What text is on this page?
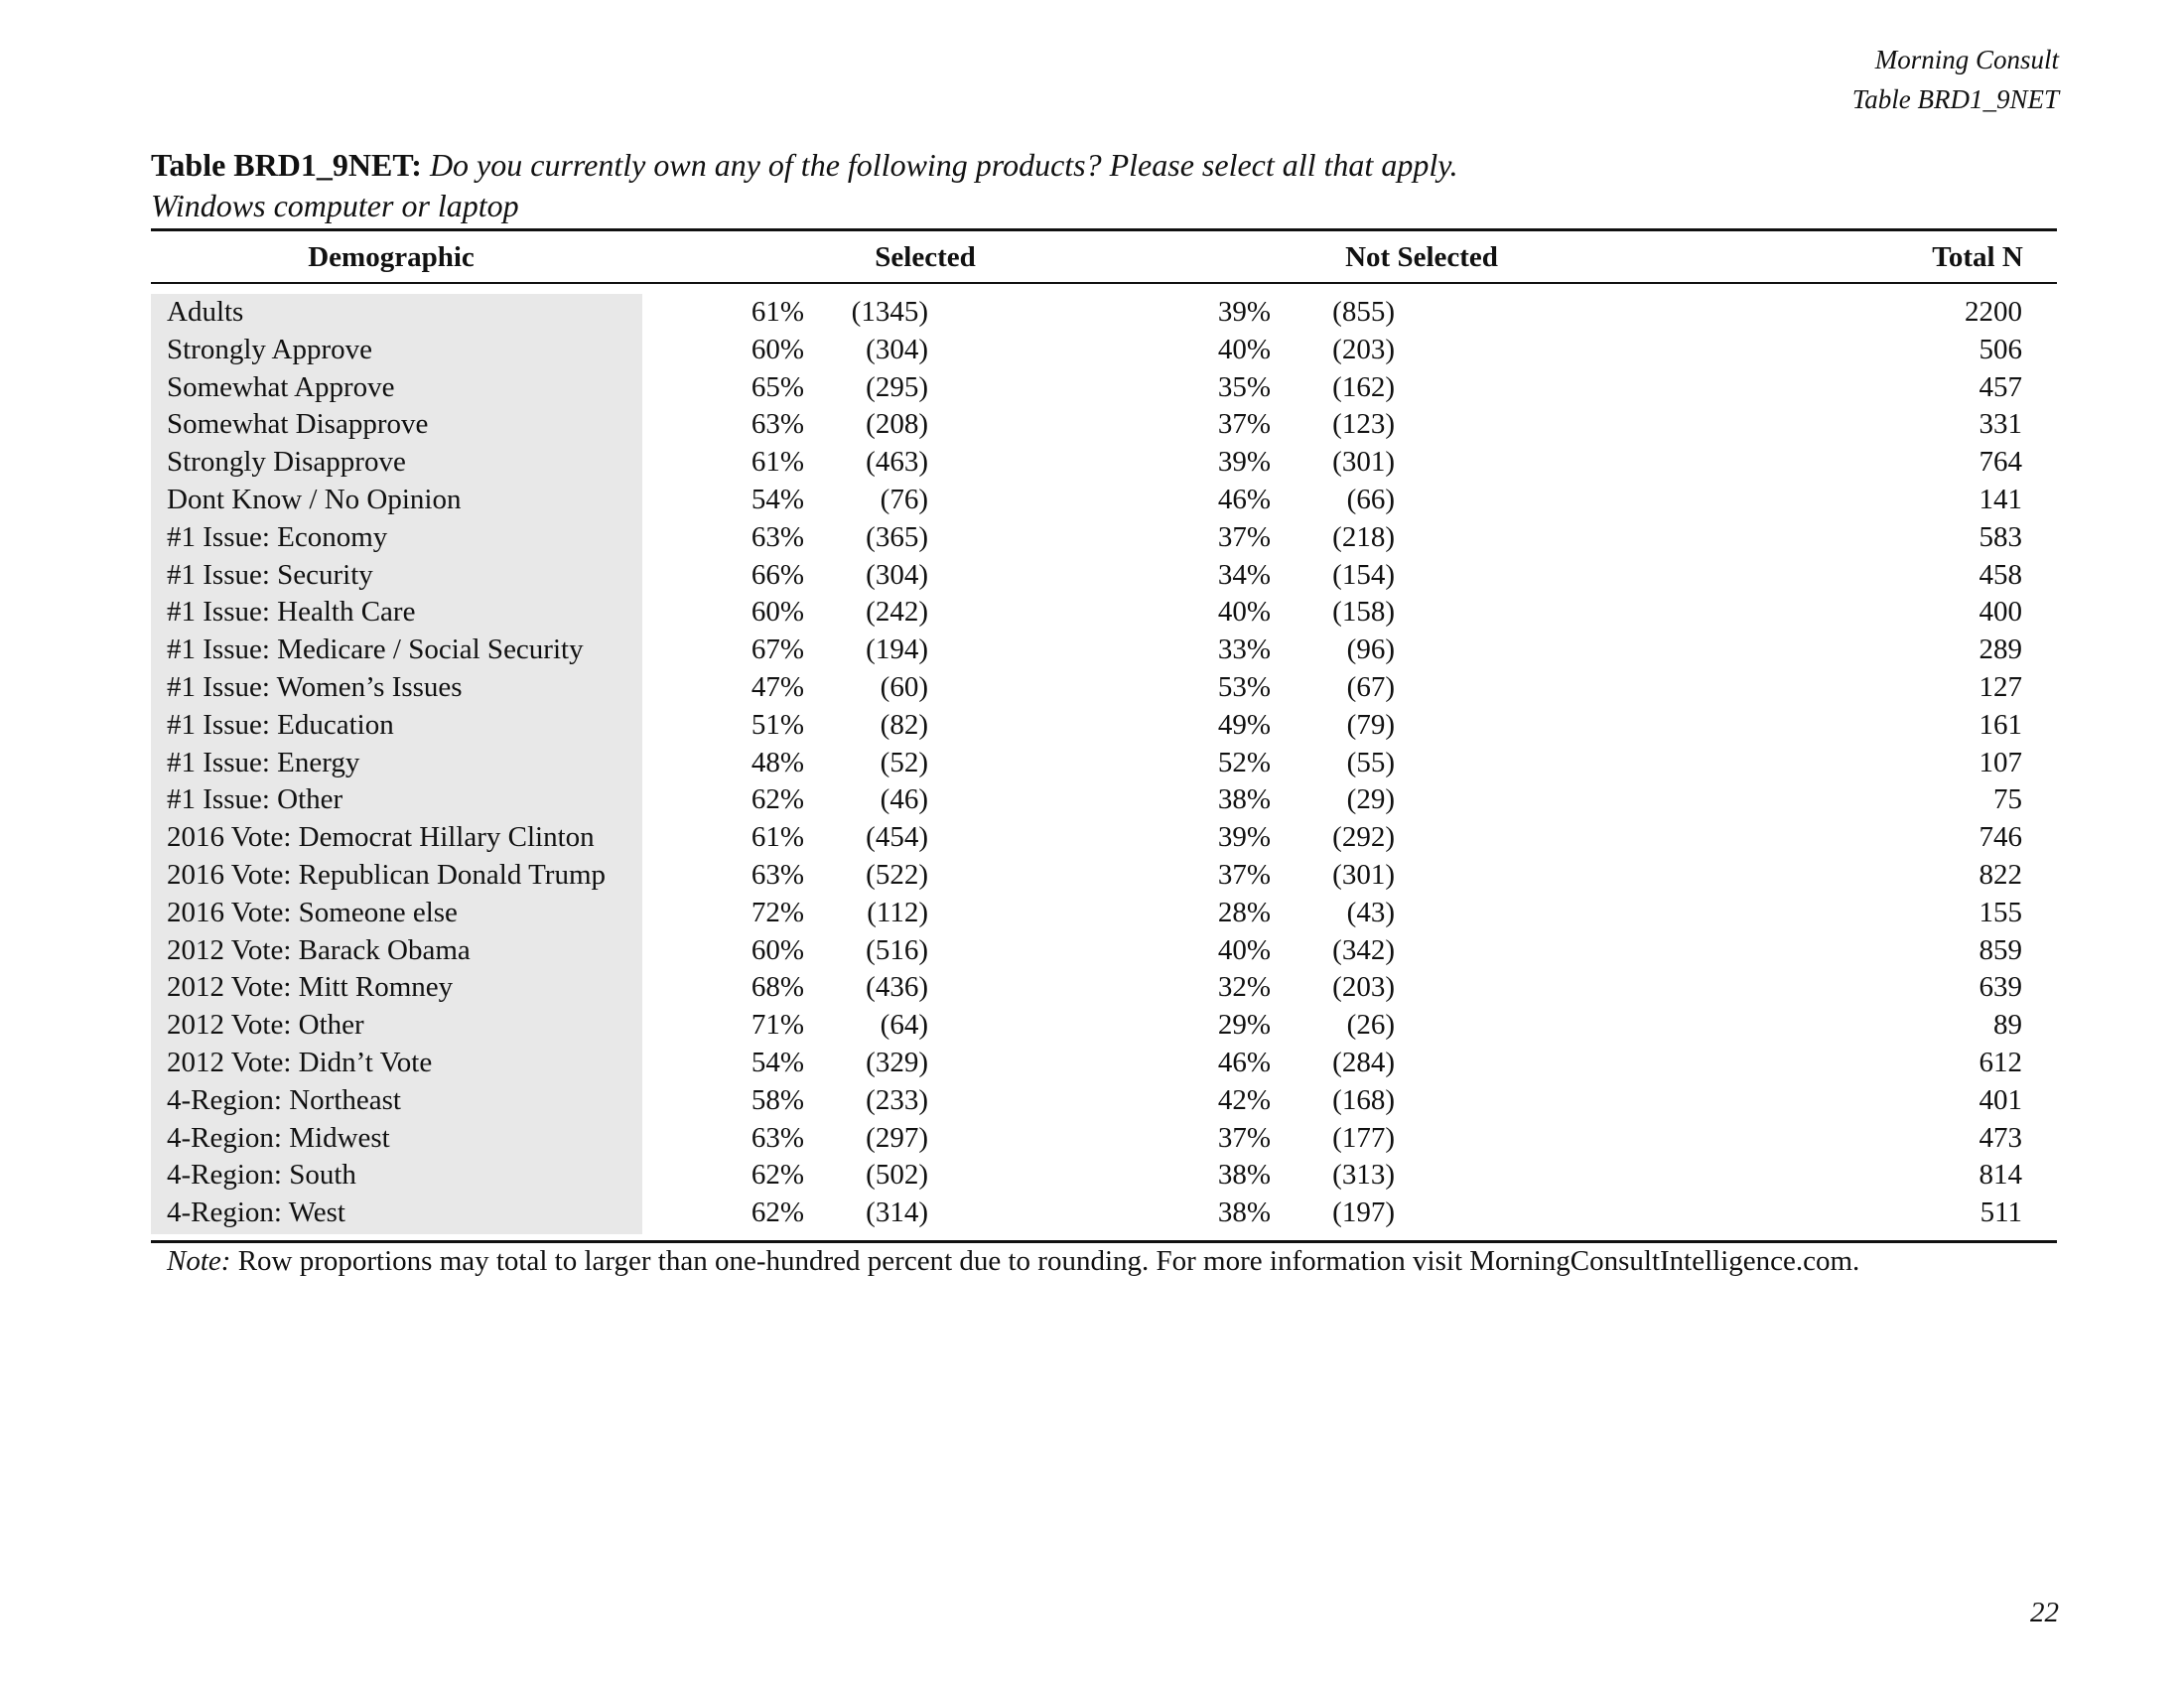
Morning Consult
Table BRD1_9NET
Table BRD1_9NET: Do you currently own any of the following products? Please select all that apply.
Windows computer or laptop
Demographic	Selected	Not Selected	Total N
Adults	61% (1345)	39% (855)	2200
Strongly Approve	60% (304)	40% (203)	506
Somewhat Approve	65% (295)	35% (162)	457
Somewhat Disapprove	63% (208)	37% (123)	331
Strongly Disapprove	61% (463)	39% (301)	764
Dont Know / No Opinion	54%	(76)	46%	(66)	141
#1 Issue: Economy	63% (365)	37% (218)	583
#1 Issue: Security	66% (304)	34% (154)	458
#1 Issue: Health Care	60% (242)	40% (158)	400
#1 Issue: Medicare / Social Security	67% (194)	33%	(96)	289
#1 Issue: Women’s Issues	47%	(60)	53%	(67)	127
#1 Issue: Education	51%	(82)	49%	(79)	161
#1 Issue: Energy	48%	(52)	52%	(55)	107
#1 Issue: Other	62%	(46)	38%	(29)	75
2016 Vote: Democrat Hillary Clinton	61% (454)	39% (292)	746
2016 Vote: Republican Donald Trump	63% (522)	37% (301)	822
2016 Vote: Someone else	72% (112)	28%	(43)	155
2012 Vote: Barack Obama	60% (516)	40% (342)	859
2012 Vote: Mitt Romney	68% (436)	32% (203)	639
2012 Vote: Other	71%	(64)	29%	(26)	89
2012 Vote: Didn’t Vote	54% (329)	46% (284)	612
4-Region: Northeast	58% (233)	42% (168)	401
4-Region: Midwest	63% (297)	37% (177)	473
4-Region: South	62% (502)	38% (313)	814
4-Region: West	62% (314)	38% (197)	511
Note: Row proportions may total to larger than one-hundred percent due to rounding. For more information visit MorningConsultIntelligence.com.
22
